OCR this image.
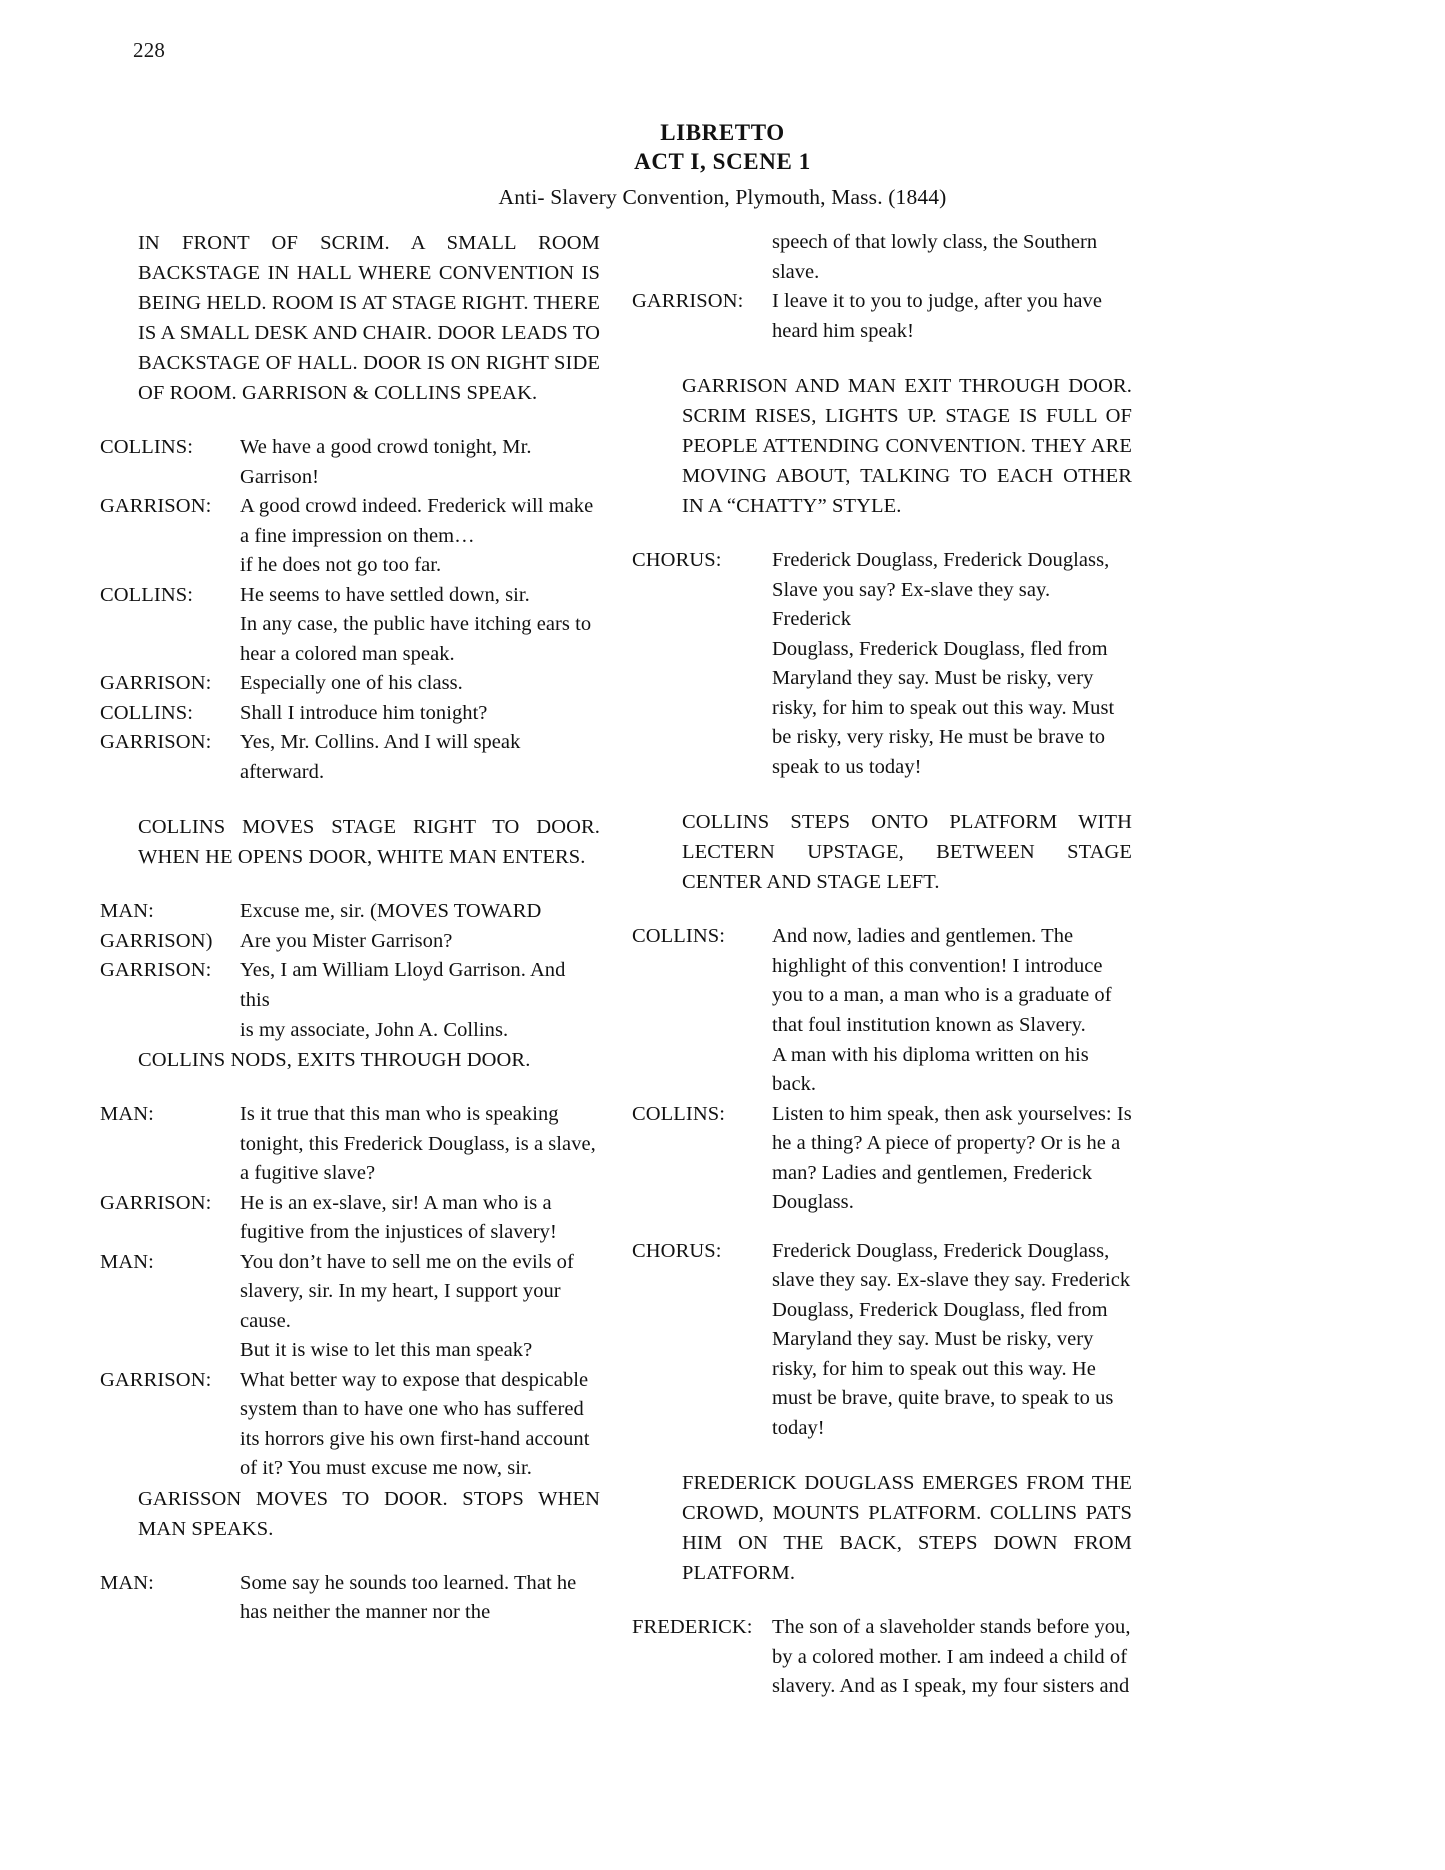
228
LIBRETTO
ACT I, SCENE 1
Anti- Slavery Convention, Plymouth, Mass. (1844)
IN FRONT OF SCRIM. A SMALL ROOM BACKSTAGE IN HALL WHERE CONVENTION IS BEING HELD. ROOM IS AT STAGE RIGHT. THERE IS A SMALL DESK AND CHAIR. DOOR LEADS TO BACKSTAGE OF HALL. DOOR IS ON RIGHT SIDE OF ROOM. GARRISON & COLLINS SPEAK.
COLLINS:	We have a good crowd tonight, Mr.

Garrison!

GARRISON:	A good crowd indeed. Frederick will make

a fine impression on them…

if he does not go too far.

COLLINS:	He seems to have settled down, sir.

In any case, the public have itching ears to

hear a colored man speak.

GARRISON:	Especially one of his class.

COLLINS:	Shall I introduce him tonight?

GARRISON:	Yes, Mr. Collins. And I will speak

afterward.

COLLINS MOVES STAGE RIGHT TO DOOR. WHEN HE OPENS DOOR, WHITE MAN ENTERS.
MAN:	Excuse me, sir. (MOVES TOWARD

GARRISON)	Are you Mister Garrison?

GARRISON:	Yes, I am William Lloyd Garrison. And this

is my associate, John A. Collins.

COLLINS NODS, EXITS THROUGH DOOR.
MAN:	Is it true that this man who is speaking

tonight, this Frederick Douglass, is a slave,

a fugitive slave?

GARRISON:	He is an ex-slave, sir! A man who is a

fugitive from the injustices of slavery!

MAN:	You don’t have to sell me on the evils of

slavery, sir. In my heart, I support your

cause.

But it is wise to let this man speak?

GARRISON:	What better way to expose that despicable

system than to have one who has suffered

its horrors give his own first-hand account

of it? You must excuse me now, sir.

GARISSON MOVES TO DOOR. STOPS WHEN MAN SPEAKS.
MAN:	Some say he sounds too learned. That he

has neither the manner nor the

speech of that lowly class, the Southern

slave.

GARRISON:	I leave it to you to judge, after you have

heard him speak!

GARRISON AND MAN EXIT THROUGH DOOR. SCRIM RISES, LIGHTS UP. STAGE IS FULL OF PEOPLE ATTENDING CONVENTION. THEY ARE MOVING ABOUT, TALKING TO EACH OTHER IN A “CHATTY” STYLE.
CHORUS:	Frederick Douglass, Frederick Douglass,

Slave you say? Ex-slave they say. Frederick

Douglass, Frederick Douglass, fled from

Maryland they say. Must be risky, very

risky, for him to speak out this way. Must

be risky, very risky, He must be brave to

speak to us today!

COLLINS STEPS ONTO PLATFORM WITH LECTERN UPSTAGE, BETWEEN STAGE CENTER AND STAGE LEFT.
COLLINS:	And now, ladies and gentlemen. The

highlight of this convention! I introduce

you to a man, a man who is a graduate of

that foul institution known as Slavery.

A man with his diploma written on his

back.

COLLINS:	Listen to him speak, then ask yourselves: Is

he a thing? A piece of property? Or is he a

man? Ladies and gentlemen, Frederick

Douglass.

CHORUS:	Frederick Douglass, Frederick Douglass,

slave they say. Ex-slave they say. Frederick

Douglass, Frederick Douglass, fled from

Maryland they say. Must be risky, very

risky, for him to speak out this way. He

must be brave, quite brave, to speak to us

today!

FREDERICK DOUGLASS EMERGES FROM THE CROWD, MOUNTS PLATFORM. COLLINS PATS HIM ON THE BACK, STEPS DOWN FROM PLATFORM.
FREDERICK: The son of a slaveholder stands before you,

by a colored mother. I am indeed a child of

slavery. And as I speak, my four sisters and
